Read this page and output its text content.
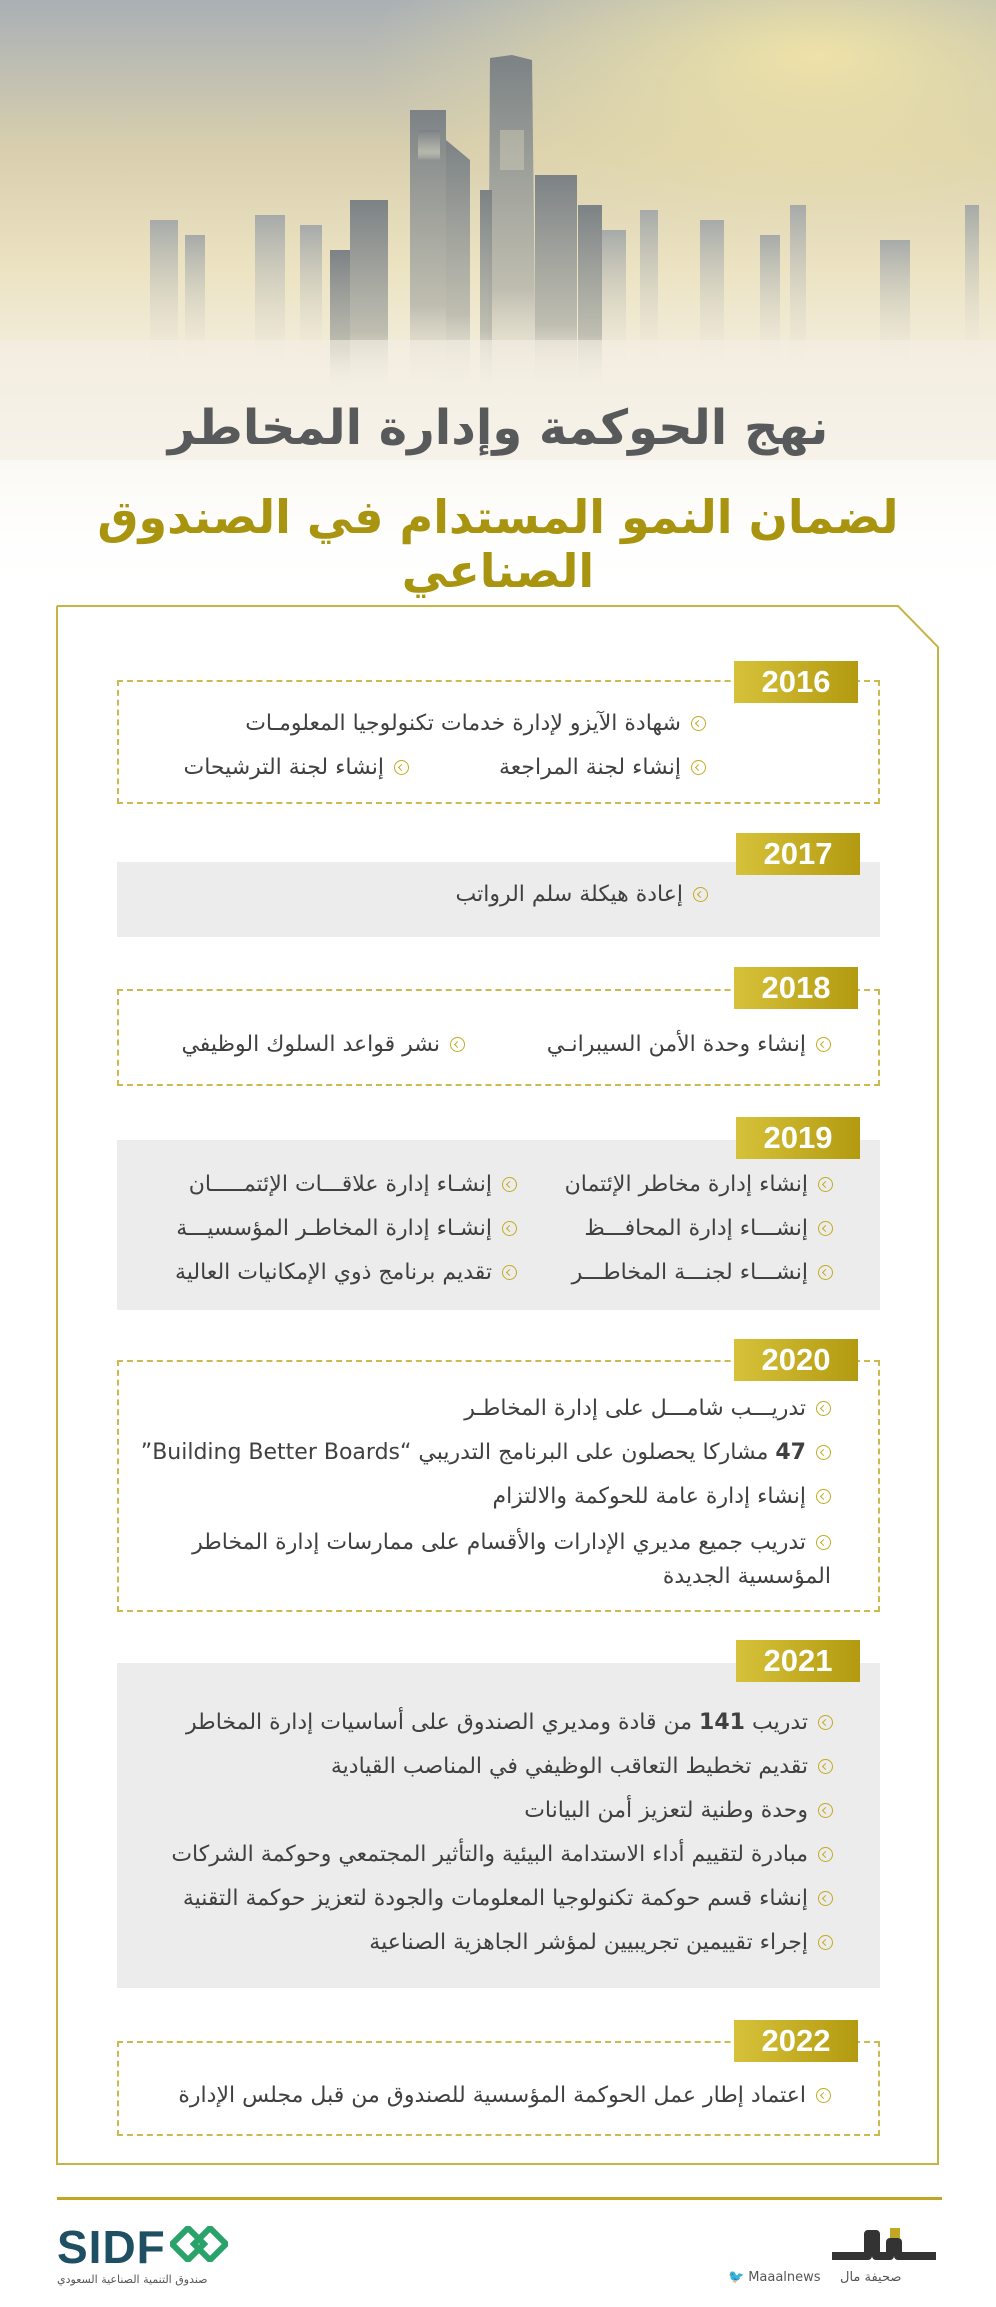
نهج الحوكمة وإدارة المخاطر
لضمان النمو المستدام في الصندوق الصناعي
2016
شهادة الآيزو لإدارة خدمات تكنولوجيا المعلومـات
إنشاء لجنة المراجعة
إنشاء لجنة الترشيحات
2017
إعادة هيكلة سلم الرواتب
2018
إنشاء وحدة الأمن السيبرانـي
نشر قواعد السلوك الوظيفي
2019
إنشاء إدارة مخاطر الإئتمان
إنشـاء إدارة علاقـــات الإئتمـــــان
إنشـــاء إدارة المحافـــظ
إنشـاء إدارة المخاطـر المؤسسيـــة
إنشـــاء لجنـــة المخاطـــر
تقديم برنامج ذوي الإمكانيات العالية
2020
تدريـــب شامـــل على إدارة المخاطـر
47 مشاركا يحصلون على البرنامج التدريبي “Building Better Boards”
إنشاء إدارة عامة للحوكمة والالتزام
تدريب جميع مديري الإدارات والأقسام على ممارسات إدارة المخاطر المؤسسية الجديدة
2021
تدريب 141 من قادة ومديري الصندوق على أساسيات إدارة المخاطر
تقديم تخطيط التعاقب الوظيفي في المناصب القيادية
وحدة وطنية لتعزيز أمن البيانات
مبادرة لتقييم أداء الاستدامة البيئية والتأثير المجتمعي وحوكمة الشركات
إنشاء قسم حوكمة تكنولوجيا المعلومات والجودة لتعزيز حوكمة التقنية
إجراء تقييمين تجريبيين لمؤشر الجاهزية الصناعية
2022
اعتماد إطار عمل الحوكمة المؤسسية للصندوق من قبل مجلس الإدارة
SIDF
صندوق التنمية الصناعية السعودي	🐦 Maaalnews صحيفة مال
